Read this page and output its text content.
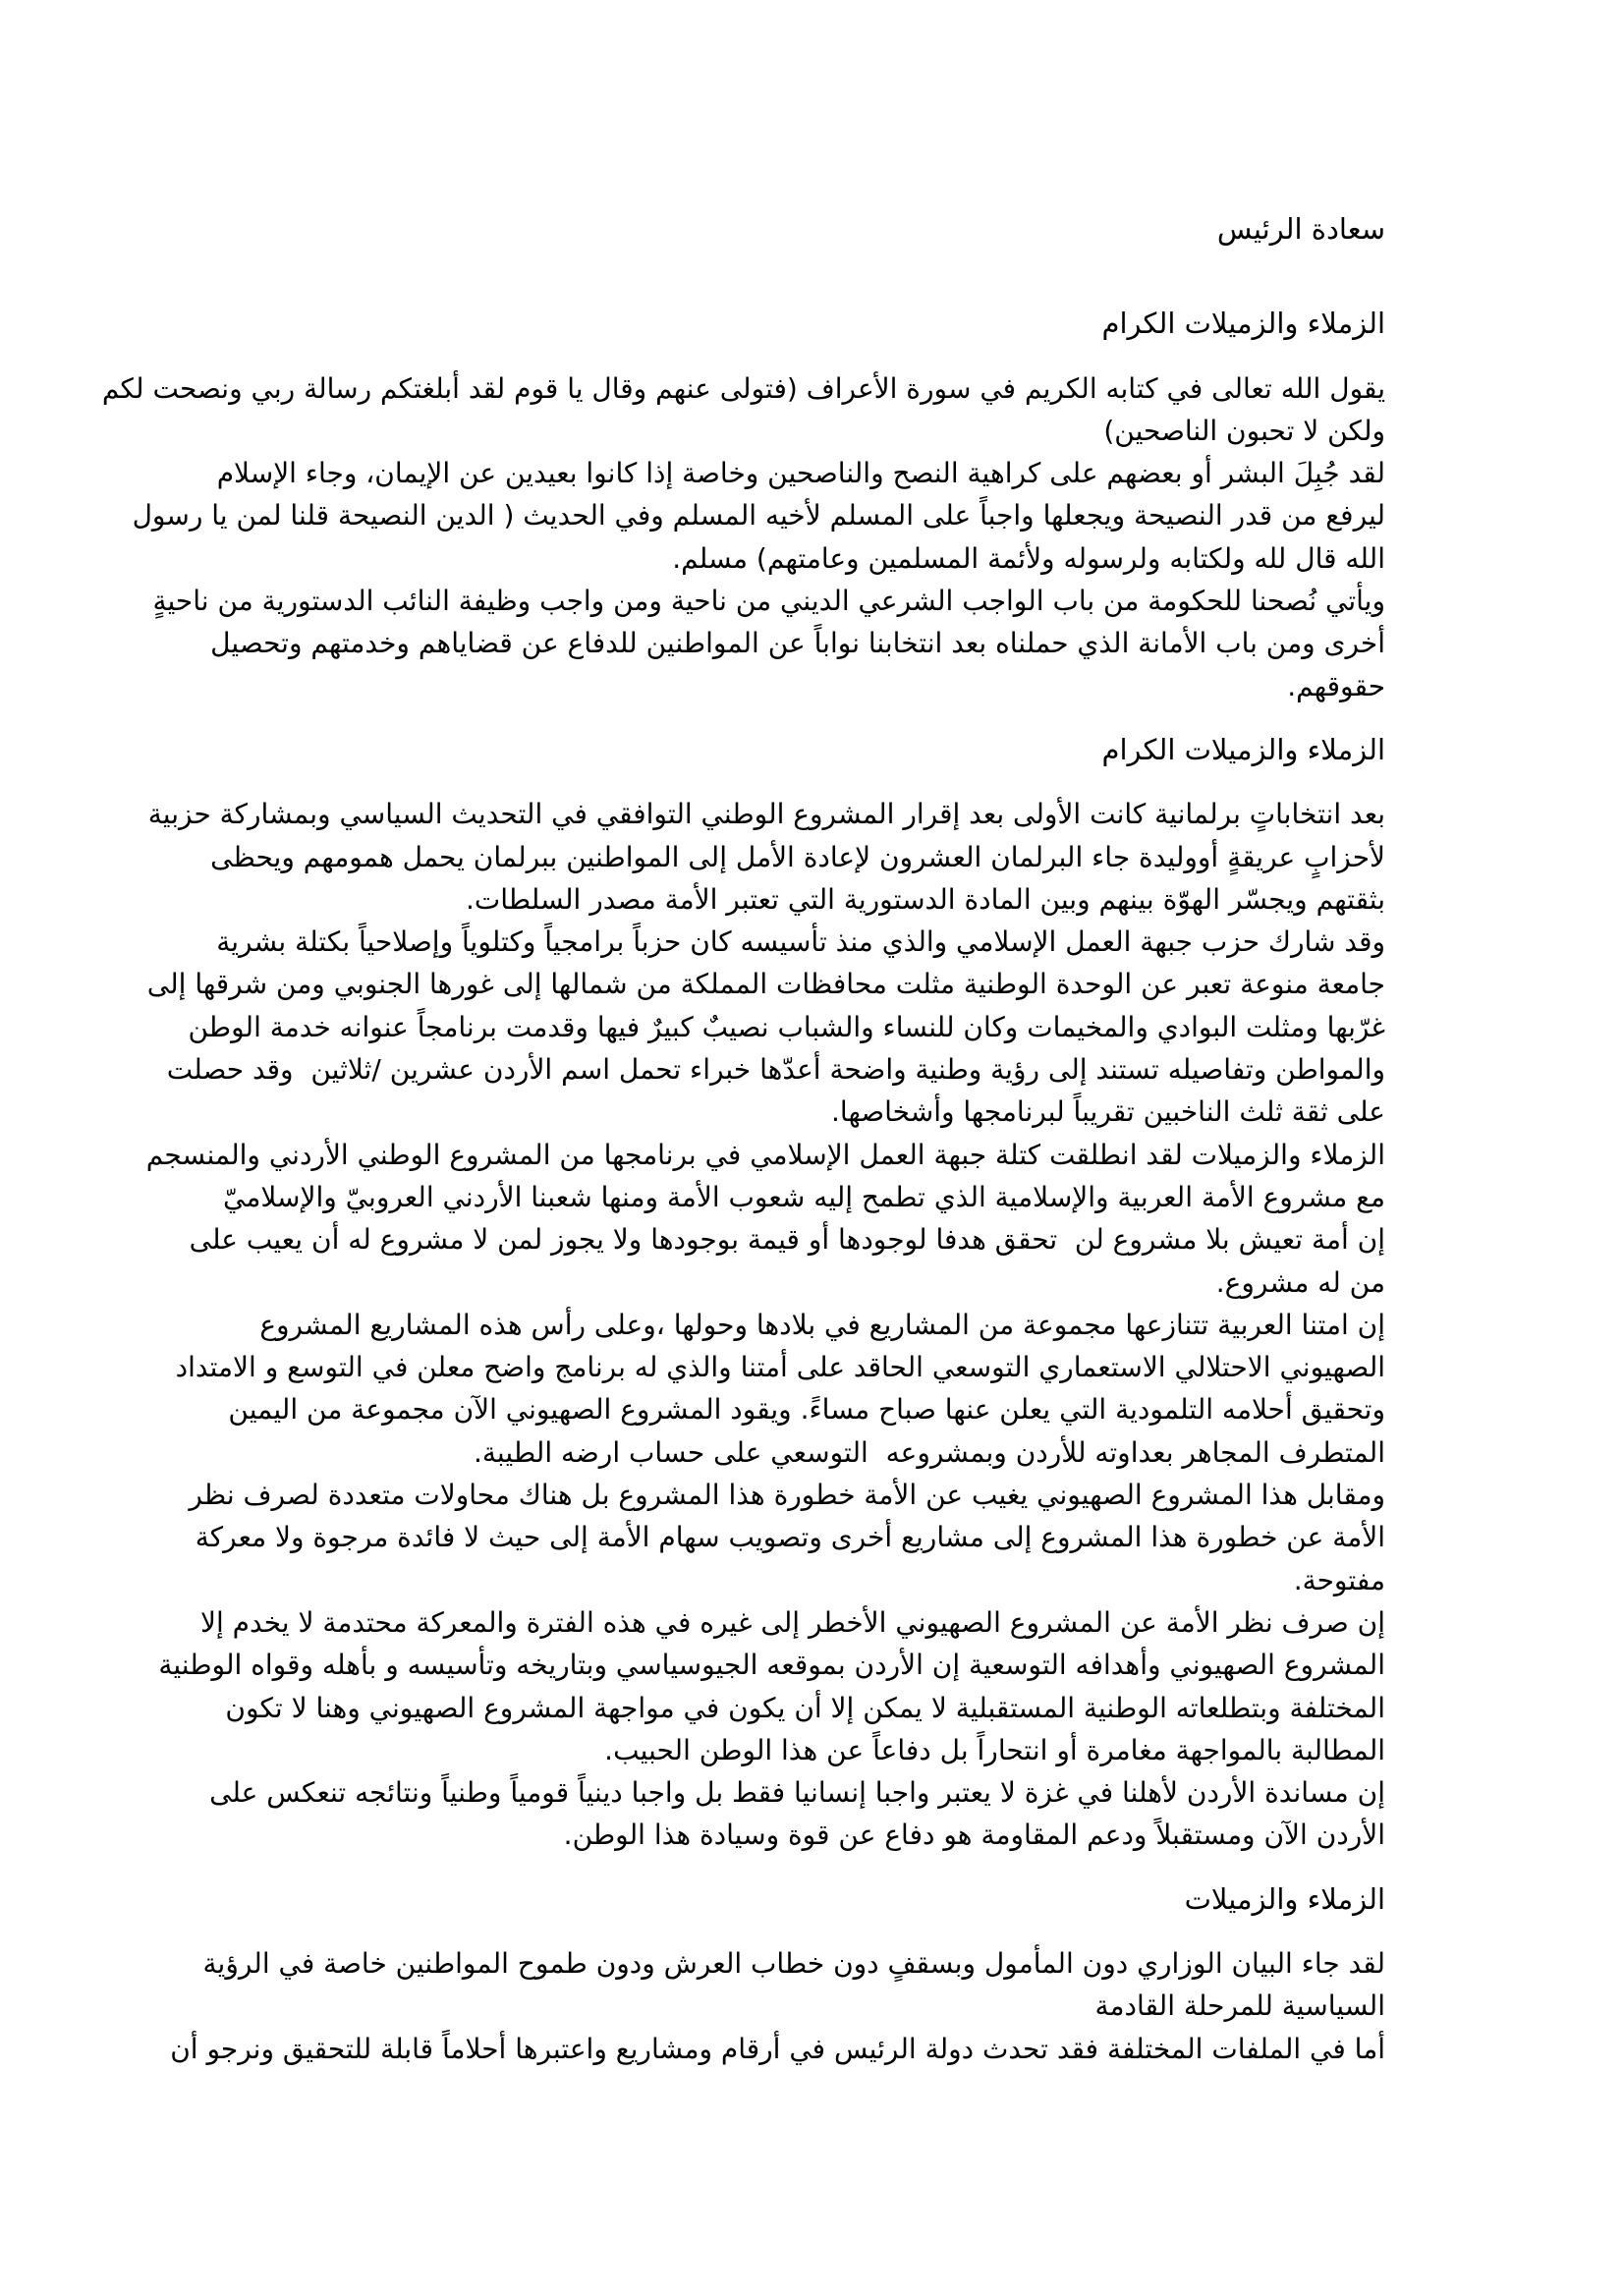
سعادة الرئيس
الزملاء والزميلات الكرام
يقول الله تعالى في كتابه الكريم في سورة الأعراف (فتولى عنهم وقال يا قوم لقد أبلغتكم رسالة ربي ونصحت لكم
ولكن لا تحبون الناصحين)
لقد جُبِلَ البشر أو بعضهم على كراهية النصح والناصحين وخاصة إذا كانوا بعيدين عن الإيمان، وجاء الإسلام
ليرفع من قدر النصيحة ويجعلها واجباً على المسلم لأخيه المسلم وفي الحديث ( الدين النصيحة قلنا لمن يا رسول
الله قال لله ولكتابه ولرسوله ولأئمة المسلمين وعامتهم) مسلم.
ويأتي نُصحنا للحكومة من باب الواجب الشرعي الديني من ناحية ومن واجب وظيفة النائب الدستورية من ناحيةٍ
أخرى ومن باب الأمانة الذي حملناه بعد انتخابنا نواباً عن المواطنين للدفاع عن قضاياهم وخدمتهم وتحصيل
حقوقهم.
الزملاء والزميلات الكرام
بعد انتخاباتٍ برلمانية كانت الأولى بعد إقرار المشروع الوطني التوافقي في التحديث السياسي وبمشاركة حزبية
لأحزابٍ عريقةٍ أووليدة جاء البرلمان العشرون لإعادة الأمل إلى المواطنين ببرلمان يحمل همومهم ويحظى
بثقتهم ويجسّر الهوّة بينهم وبين المادة الدستورية التي تعتبر الأمة مصدر السلطات.
وقد شارك حزب جبهة العمل الإسلامي والذي منذ تأسيسه كان حزباً برامجياً وكتلوياً وإصلاحياً بكتلة بشرية
جامعة منوعة تعبر عن الوحدة الوطنية مثلت محافظات المملكة من شمالها إلى غورها الجنوبي ومن شرقها إلى
غرّبها ومثلت البوادي والمخيمات وكان للنساء والشباب نصيبٌ كبيرٌ فيها وقدمت برنامجاً عنوانه خدمة الوطن
والمواطن وتفاصيله تستند إلى رؤية وطنية واضحة أعدّها خبراء تحمل اسم الأردن عشرين /ثلاثين  وقد حصلت
على ثقة ثلث الناخبين تقريباً لبرنامجها وأشخاصها.
الزملاء والزميلات لقد انطلقت كتلة جبهة العمل الإسلامي في برنامجها من المشروع الوطني الأردني والمنسجم
مع مشروع الأمة العربية والإسلامية الذي تطمح إليه شعوب الأمة ومنها شعبنا الأردني العروبيّ والإسلاميّ
إن أمة تعيش بلا مشروع لن  تحقق هدفا لوجودها أو قيمة بوجودها ولا يجوز لمن لا مشروع له أن يعيب على
من له مشروع.
إن امتنا العربية تتنازعها مجموعة من المشاريع في بلادها وحولها ،وعلى رأس هذه المشاريع المشروع
الصهيوني الاحتلالي الاستعماري التوسعي الحاقد على أمتنا والذي له برنامج واضح معلن في التوسع و الامتداد
وتحقيق أحلامه التلمودية التي يعلن عنها صباح مساءً. ويقود المشروع الصهيوني الآن مجموعة من اليمين
المتطرف المجاهر بعداوته للأردن وبمشروعه  التوسعي على حساب ارضه الطيبة.
ومقابل هذا المشروع الصهيوني يغيب عن الأمة خطورة هذا المشروع بل هناك محاولات متعددة لصرف نظر
الأمة عن خطورة هذا المشروع إلى مشاريع أخرى وتصويب سهام الأمة إلى حيث لا فائدة مرجوة ولا معركة
مفتوحة.
إن صرف نظر الأمة عن المشروع الصهيوني الأخطر إلى غيره في هذه الفترة والمعركة محتدمة لا يخدم إلا
المشروع الصهيوني وأهدافه التوسعية إن الأردن بموقعه الجيوسياسي وبتاريخه وتأسيسه و بأهله وقواه الوطنية
المختلفة وبتطلعاته الوطنية المستقبلية لا يمكن إلا أن يكون في مواجهة المشروع الصهيوني وهنا لا تكون
المطالبة بالمواجهة مغامرة أو انتحاراً بل دفاعاً عن هذا الوطن الحبيب.
إن مساندة الأردن لأهلنا في غزة لا يعتبر واجبا إنسانيا فقط بل واجبا دينياً قومياً وطنياً ونتائجه تنعكس على
الأردن الآن ومستقبلاً ودعم المقاومة هو دفاع عن قوة وسيادة هذا الوطن.
الزملاء والزميلات
لقد جاء البيان الوزاري دون المأمول وبسقفٍ دون خطاب العرش ودون طموح المواطنين خاصة في الرؤية
السياسية للمرحلة القادمة
أما في الملفات المختلفة فقد تحدث دولة الرئيس في أرقام ومشاريع واعتبرها أحلاماً قابلة للتحقيق ونرجو أن
